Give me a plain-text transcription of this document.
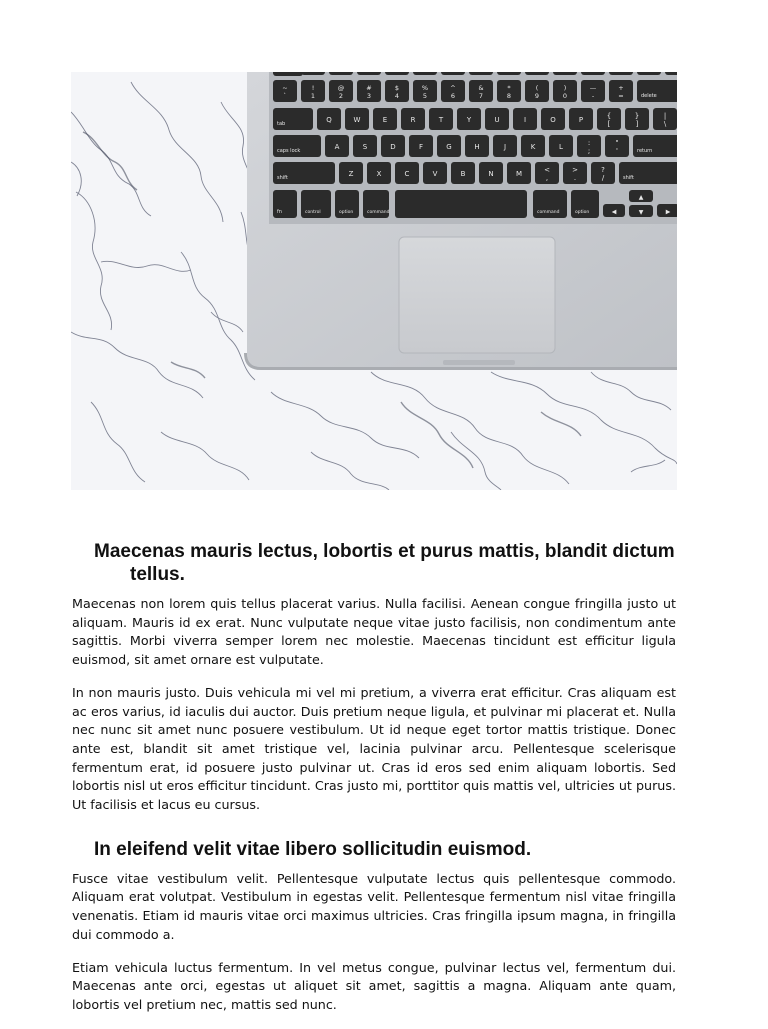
~ `
! 1
@ 2
# 3
$ 4
% 5
^ 6
& 7
* 8
( 9
) 0
— -
+ =	delete
tab	Q	W	E	R	T	Y	U	I	O	P	{ [
} ]
| \
caps lock	A	S	D	F	G	H	J	K	L	: ;
" '	return
shift	Z	X	C	V	B	N	M	< ,
> .
? /	shift
fn	control	option	command	command	option	◀
▲
▼	▶
Maecenas mauris lectus, lobortis et purus mattis, blandit dictum tellus.

Maecenas non lorem quis tellus placerat varius. Nulla facilisi. Aenean congue fringilla justo ut aliquam. Mauris id ex erat. Nunc vulputate neque vitae justo facilisis, non condimentum ante sagittis. Morbi viverra semper lorem nec molestie. Maecenas tincidunt est efficitur ligula euismod, sit amet ornare est vulputate.

In non mauris justo. Duis vehicula mi vel mi pretium, a viverra erat efficitur. Cras aliquam est ac eros varius, id iaculis dui auctor. Duis pretium neque ligula, et pulvinar mi placerat et. Nulla nec nunc sit amet nunc posuere vestibulum. Ut id neque eget tortor mattis tristique. Donec ante est, blandit sit amet tristique vel, lacinia pulvinar arcu. Pellentesque scelerisque fermentum erat, id posuere justo pulvinar ut. Cras id eros sed enim aliquam lobortis. Sed lobortis nisl ut eros efficitur tincidunt. Cras justo mi, porttitor quis mattis vel, ultricies ut purus. Ut facilisis et lacus eu cursus.

In eleifend velit vitae libero sollicitudin euismod.

Fusce vitae vestibulum velit. Pellentesque vulputate lectus quis pellentesque commodo. Aliquam erat volutpat. Vestibulum in egestas velit. Pellentesque fermentum nisl vitae fringilla venenatis. Etiam id mauris vitae orci maximus ultricies. Cras fringilla ipsum magna, in fringilla dui commodo a.

Etiam vehicula luctus fermentum. In vel metus congue, pulvinar lectus vel, fermentum dui. Maecenas ante orci, egestas ut aliquet sit amet, sagittis a magna. Aliquam ante quam, lobortis vel pretium nec, mattis sed nunc.
